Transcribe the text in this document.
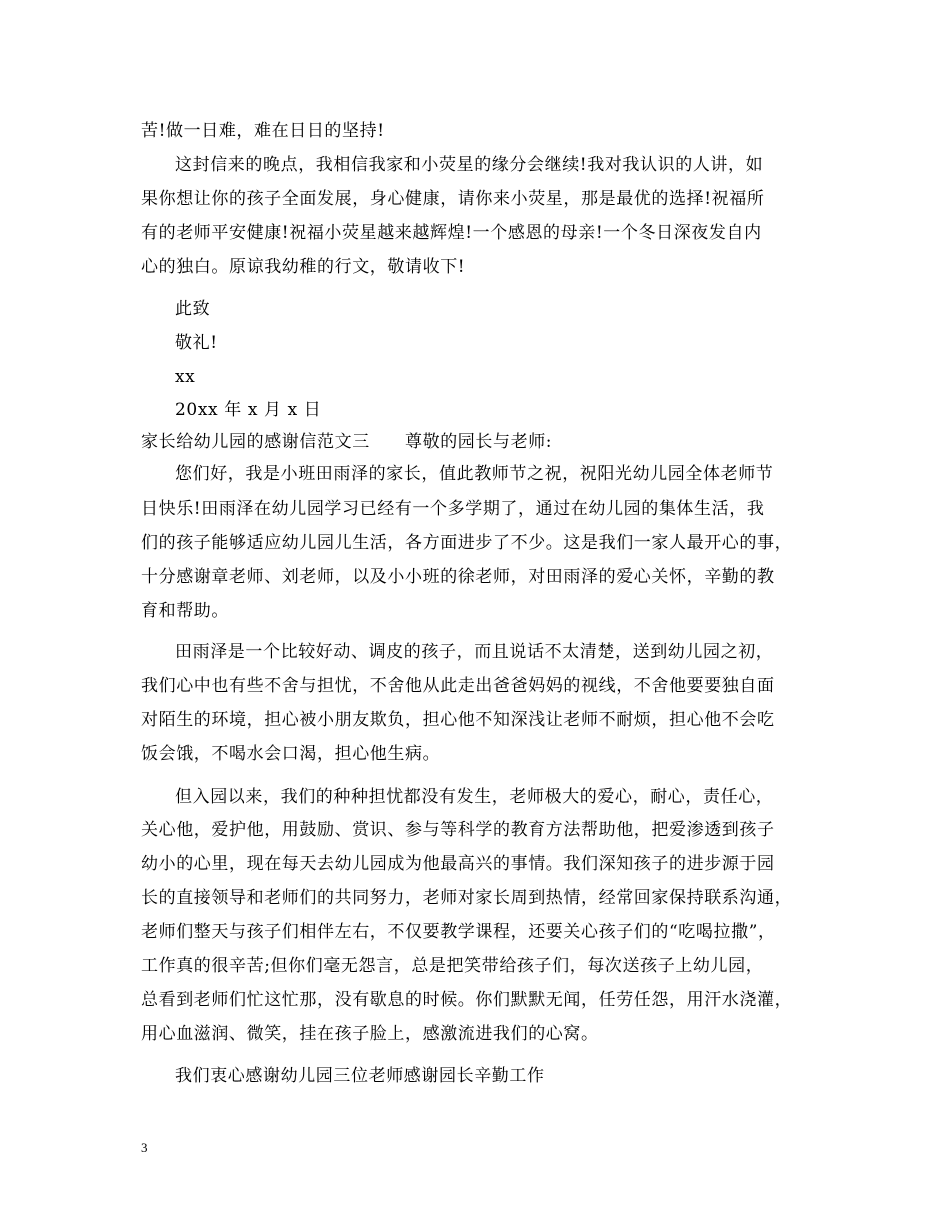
苦!做一日难，难在日日的坚持!
这封信来的晚点，我相信我家和小荧星的缘分会继续!我对我认识的人讲，如
果你想让你的孩子全面发展，身心健康，请你来小荧星，那是最优的选择!祝福所
有的老师平安健康!祝福小荧星越来越辉煌!一个感恩的母亲!一个冬日深夜发自内
心的独白。原谅我幼稚的行文，敬请收下!
此致
敬礼!
xx
20xx 年 x 月 x 日
家长给幼儿园的感谢信范文三　　尊敬的园长与老师:
您们好，我是小班田雨泽的家长，值此教师节之祝，祝阳光幼儿园全体老师节
日快乐!田雨泽在幼儿园学习已经有一个多学期了，通过在幼儿园的集体生活，我
们的孩子能够适应幼儿园儿生活，各方面进步了不少。这是我们一家人最开心的事，
十分感谢章老师、刘老师，以及小小班的徐老师，对田雨泽的爱心关怀，辛勤的教
育和帮助。
田雨泽是一个比较好动、调皮的孩子，而且说话不太清楚，送到幼儿园之初，
我们心中也有些不舍与担忧，不舍他从此走出爸爸妈妈的视线，不舍他要要独自面
对陌生的环境，担心被小朋友欺负，担心他不知深浅让老师不耐烦，担心他不会吃
饭会饿，不喝水会口渴，担心他生病。
但入园以来，我们的种种担忧都没有发生，老师极大的爱心，耐心，责任心，
关心他，爱护他，用鼓励、赏识、参与等科学的教育方法帮助他，把爱渗透到孩子
幼小的心里，现在每天去幼儿园成为他最高兴的事情。我们深知孩子的进步源于园
长的直接领导和老师们的共同努力，老师对家长周到热情，经常回家保持联系沟通，
老师们整天与孩子们相伴左右，不仅要教学课程，还要关心孩子们的“吃喝拉撒”，
工作真的很辛苦;但你们毫无怨言，总是把笑带给孩子们，每次送孩子上幼儿园，
总看到老师们忙这忙那，没有歇息的时候。你们默默无闻，任劳任怨，用汗水浇灌，
用心血滋润、微笑，挂在孩子脸上，感激流进我们的心窝。
我们衷心感谢幼儿园三位老师感谢园长辛勤工作
3
